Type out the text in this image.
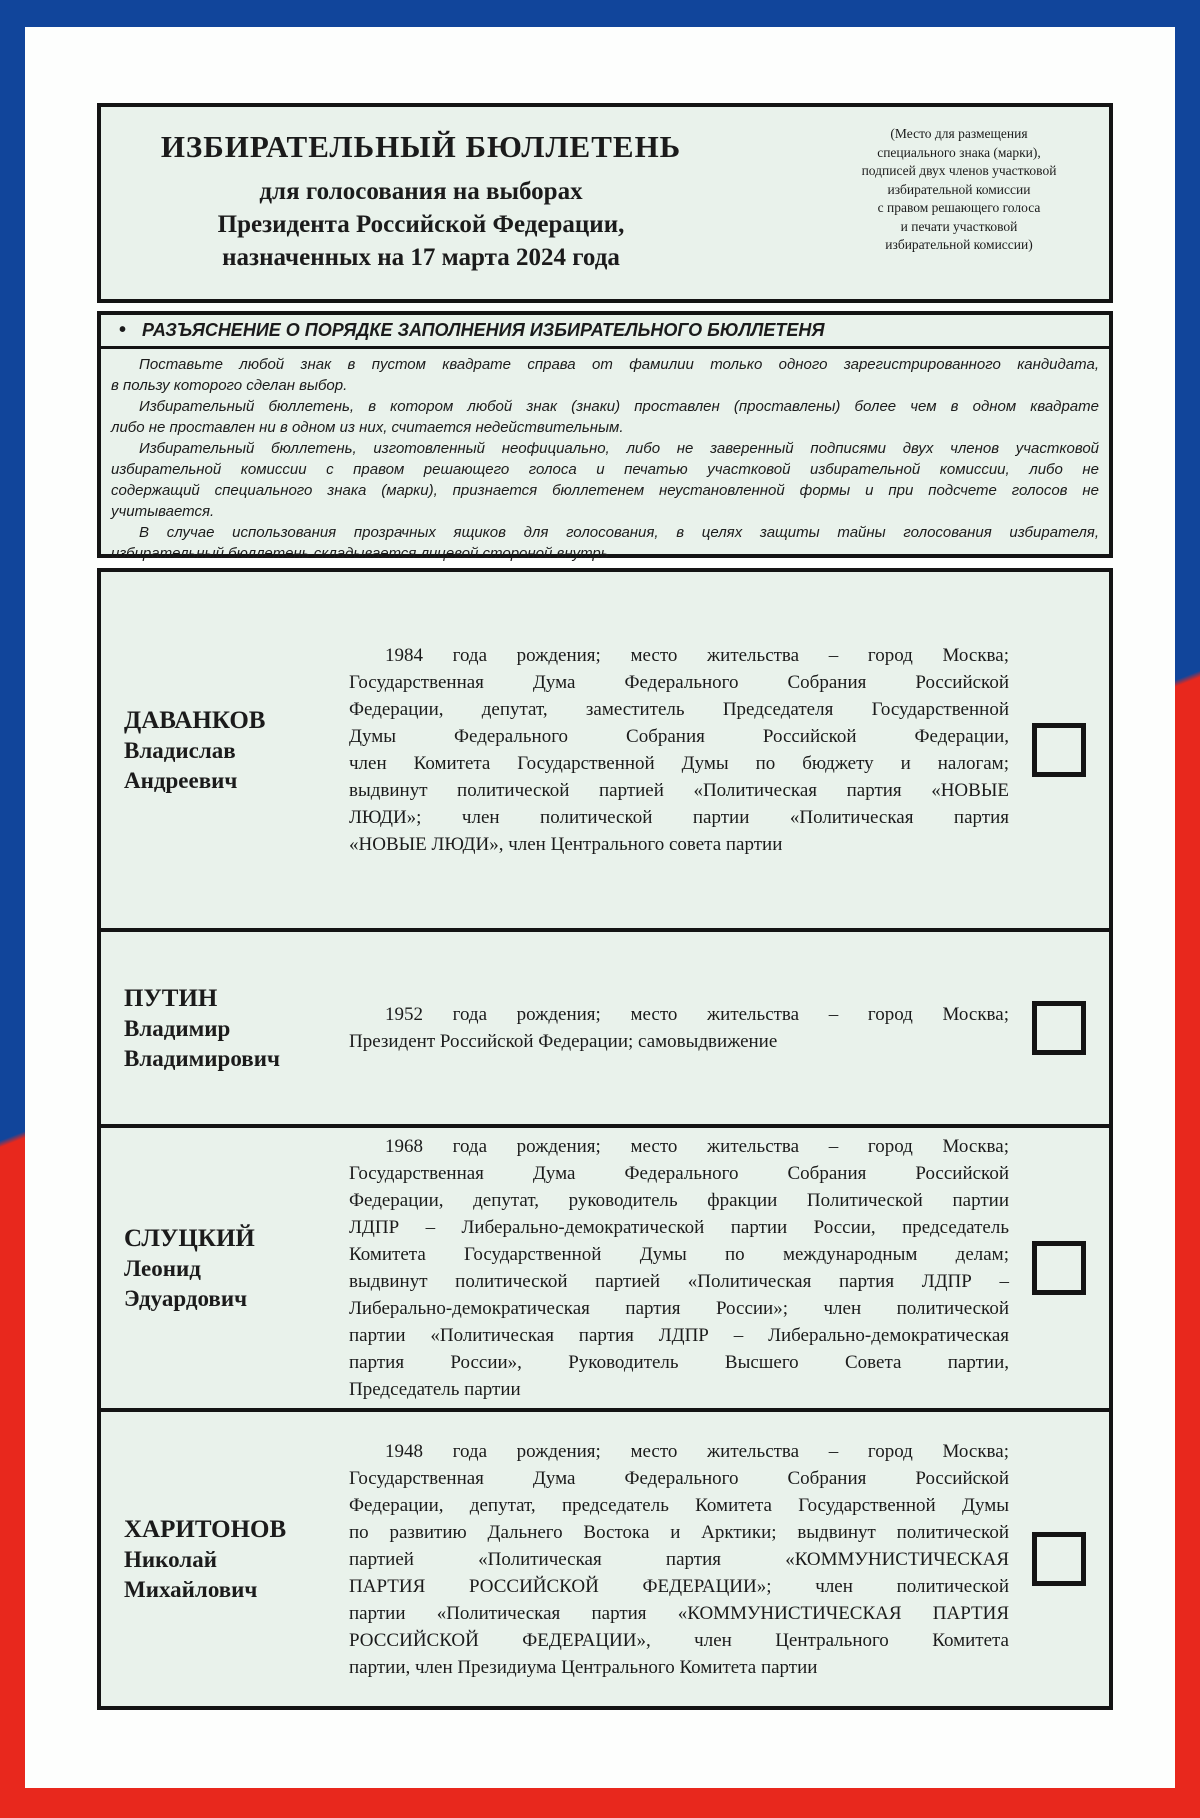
ИЗБИРАТЕЛЬНЫЙ БЮЛЛЕТЕНЬ
для голосования на выборах
Президента Российской Федерации,
назначенных на 17 марта 2024 года
(Место для размещения
специального знака (марки),
подписей двух членов участковой
избирательной комиссии
с правом решающего голоса
и печати участковой
избирательной комиссии)
• РАЗЪЯСНЕНИЕ О ПОРЯДКЕ ЗАПОЛНЕНИЯ ИЗБИРАТЕЛЬНОГО БЮЛЛЕТЕНЯ
Поставьте любой знак в пустом квадрате справа от фамилии только одного зарегистрированного кандидата,
в пользу которого сделан выбор.
Избирательный бюллетень, в котором любой знак (знаки) проставлен (проставлены) более чем в одном квадрате
либо не проставлен ни в одном из них, считается недействительным.
Избирательный бюллетень, изготовленный неофициально, либо не заверенный подписями двух членов участковой
избирательной комиссии с правом решающего голоса и печатью участковой избирательной комиссии, либо не
содержащий специального знака (марки), признается бюллетенем неустановленной формы и при подсчете голосов не
учитывается.
В случае использования прозрачных ящиков для голосования, в целях защиты тайны голосования избирателя,
избирательный бюллетень складывается лицевой стороной внутрь
ДАВАНКОВ
Владислав
Андреевич
1984 года рождения; место жительства – город Москва;
Государственная Дума Федерального Собрания Российской
Федерации, депутат, заместитель Председателя Государственной
Думы Федерального Собрания Российской Федерации,
член Комитета Государственной Думы по бюджету и налогам;
выдвинут политической партией «Политическая партия «НОВЫЕ
ЛЮДИ»; член политической партии «Политическая партия
«НОВЫЕ ЛЮДИ», член Центрального совета партии
ПУТИН
Владимир
Владимирович
1952 года рождения; место жительства – город Москва;
Президент Российской Федерации; самовыдвижение
СЛУЦКИЙ
Леонид
Эдуардович
1968 года рождения; место жительства – город Москва;
Государственная Дума Федерального Собрания Российской
Федерации, депутат, руководитель фракции Политической партии
ЛДПР – Либерально-демократической партии России, председатель
Комитета Государственной Думы по международным делам;
выдвинут политической партией «Политическая партия ЛДПР –
Либерально-демократическая партия России»; член политической
партии «Политическая партия ЛДПР – Либерально-демократическая
партия России», Руководитель Высшего Совета партии,
Председатель партии
ХАРИТОНОВ
Николай
Михайлович
1948 года рождения; место жительства – город Москва;
Государственная Дума Федерального Собрания Российской
Федерации, депутат, председатель Комитета Государственной Думы
по развитию Дальнего Востока и Арктики; выдвинут политической
партией «Политическая партия «КОММУНИСТИЧЕСКАЯ
ПАРТИЯ РОССИЙСКОЙ ФЕДЕРАЦИИ»; член политической
партии «Политическая партия «КОММУНИСТИЧЕСКАЯ ПАРТИЯ
РОССИЙСКОЙ ФЕДЕРАЦИИ», член Центрального Комитета
партии, член Президиума Центрального Комитета партии
